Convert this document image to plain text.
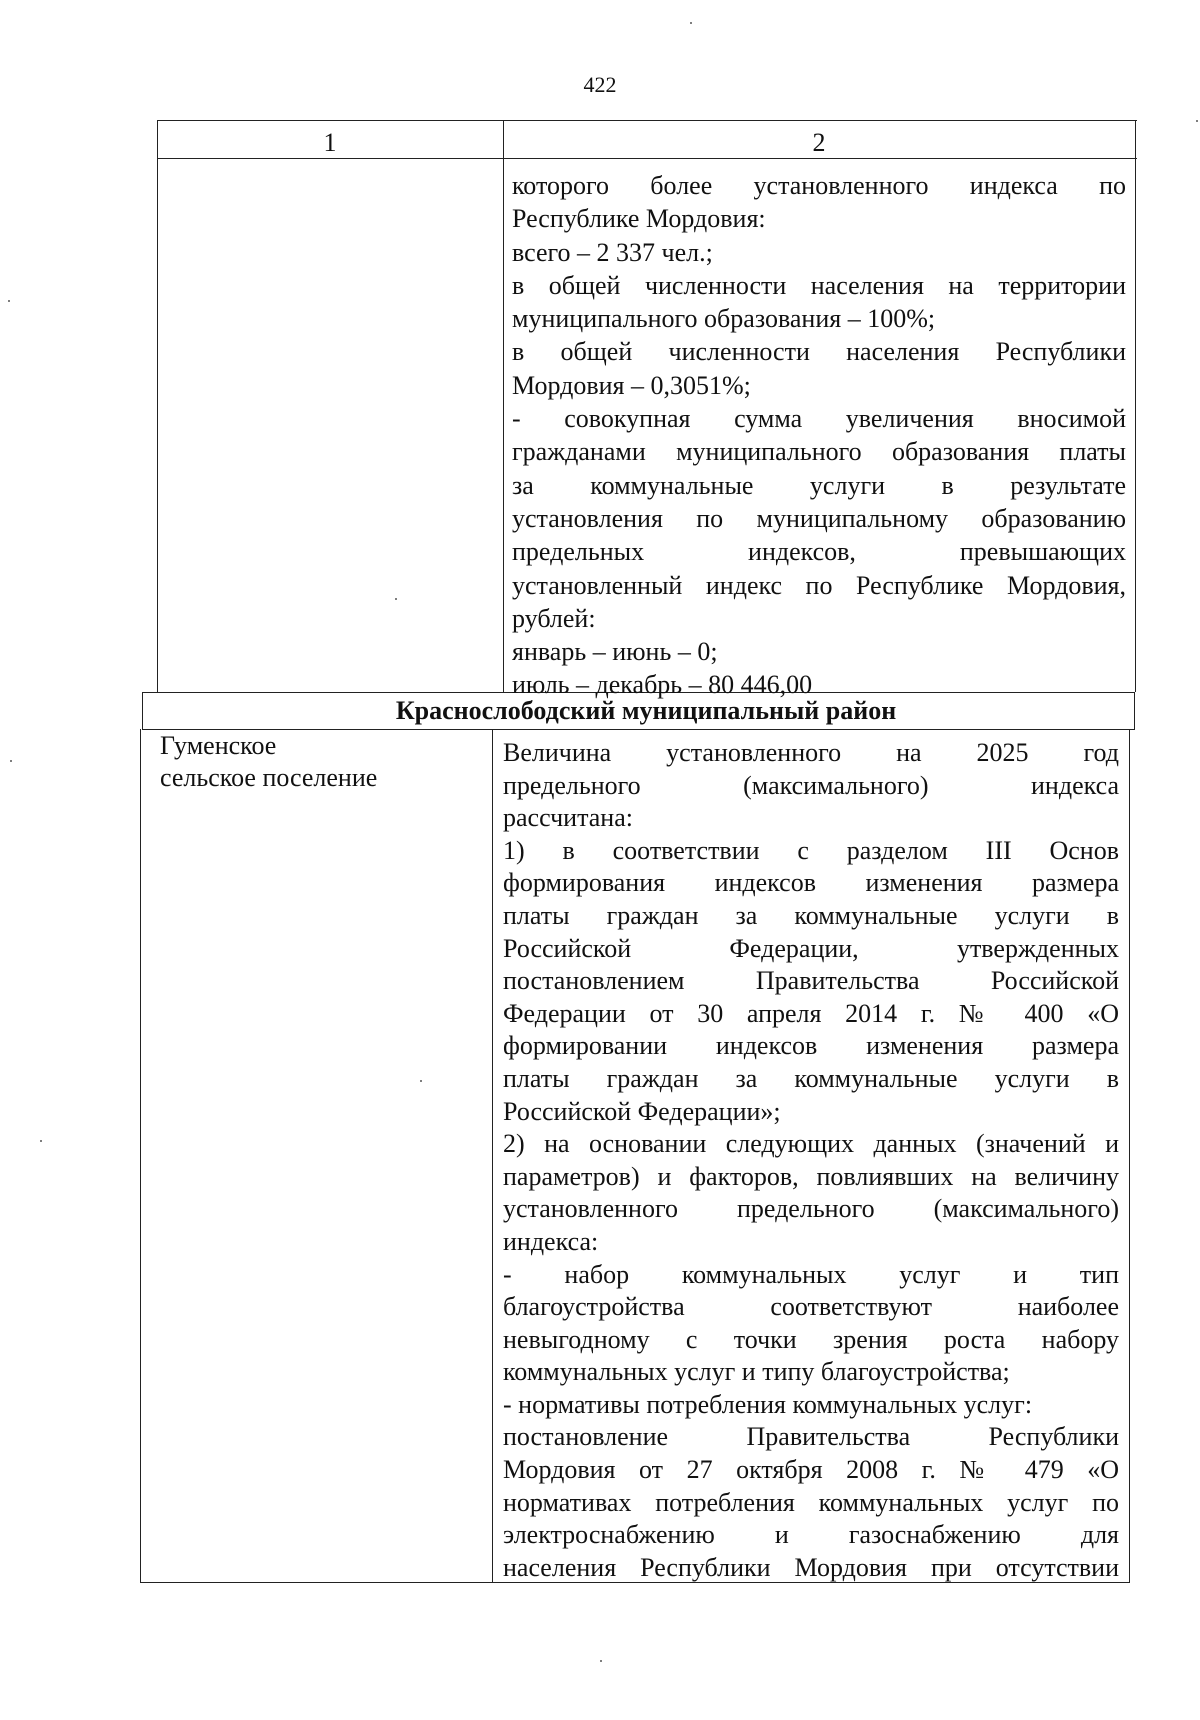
422
1	2
которого более установленного индекса по
Республике Мордовия:
всего – 2 337 чел.;
в общей численности населения на территории
муниципального образования – 100%;
в общей численности населения Республики
Мордовия – 0,3051%;
- совокупная сумма увеличения вносимой
гражданами муниципального образования платы
за коммунальные услуги в результате
установления по муниципальному образованию
предельных индексов, превышающих
установленный индекс по Республике Мордовия,
рублей:
январь – июнь – 0;
июль – декабрь – 80 446,00
Краснослободский муниципальный район
Гуменское
сельское поселение
Величина установленного на 2025 год
предельного (максимального) индекса
рассчитана:
1) в соответствии с разделом III Основ
формирования индексов изменения размера
платы граждан за коммунальные услуги в
Российской Федерации, утвержденных
постановлением Правительства Российской
Федерации от 30 апреля 2014 г. № 400 «О
формировании индексов изменения размера
платы граждан за коммунальные услуги в
Российской Федерации»;
2) на основании следующих данных (значений и
параметров) и факторов, повлиявших на величину
установленного предельного (максимального)
индекса:
- набор коммунальных услуг и тип
благоустройства соответствуют наиболее
невыгодному с точки зрения роста набору
коммунальных услуг и типу благоустройства;
- нормативы потребления коммунальных услуг:
постановление Правительства Республики
Мордовия от 27 октября 2008 г. № 479 «О
нормативах потребления коммунальных услуг по
электроснабжению и газоснабжению для
населения Республики Мордовия при отсутствии
